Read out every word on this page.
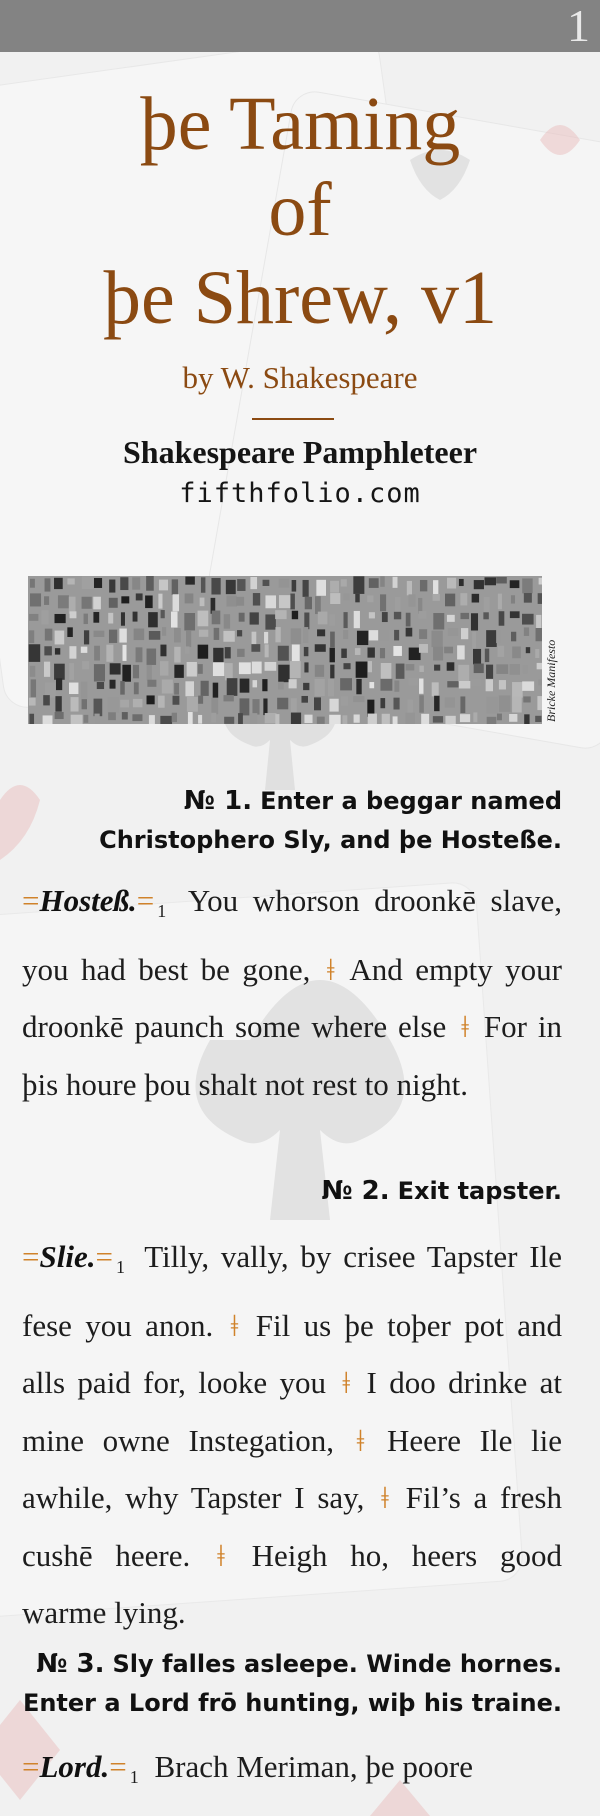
1
þe Taming
of
þe Shrew, v1
by W. Shakespeare
Shakespeare Pamphleteer
fifthfolio.com
Bricke Manifesto
№ 1. Enter a beggar named
Christophero Sly, and þe Hosteße.
=Hosteß.= $_1$ You whorson droonkē slave, you had best be gone, ǂ And empty your droonkē paunch some where else ǂ For in þis houre þou shalt not rest to night.
№ 2. Exit tapster.
=Slie.= $_1$ Tilly, vally, by crisee Tapster Ile fese you anon. ǂ Fil us þe toþer pot and alls paid for, looke you ǂ I doo drinke at mine owne Instegation, ǂ Heere Ile lie awhile, why Tapster I say, ǂ Fil’s a fresh cushē heere. ǂ Heigh ho, heers good warme lying.
№ 3. Sly falles asleepe. Winde hornes.
Enter a Lord frō hunting, wiþ his traine.
=Lord.= $_1$ Brach Meriman, þe poore
